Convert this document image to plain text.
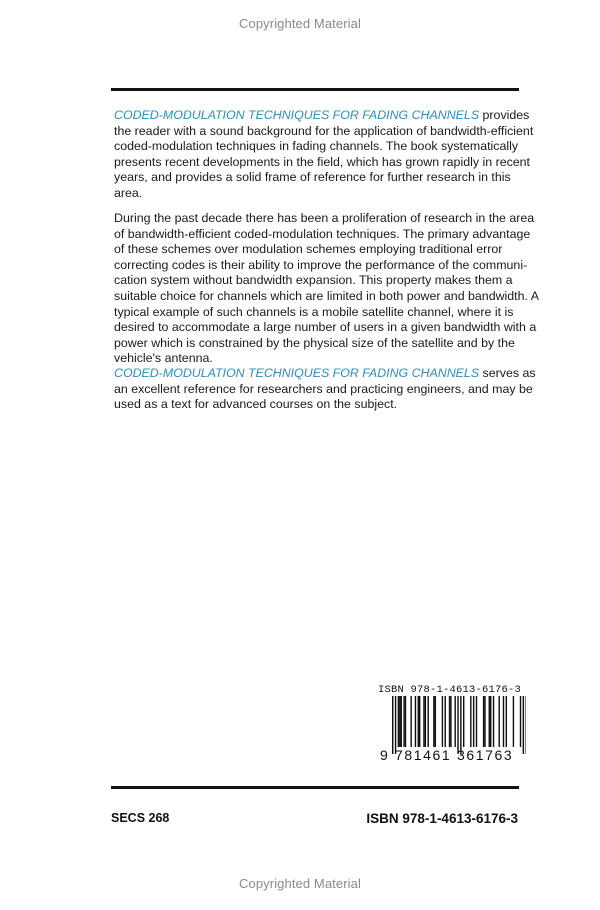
Copyrighted Material
CODED-MODULATION TECHNIQUES FOR FADING CHANNELS provides
the reader with a sound background for the application of bandwidth-efficient
coded-modulation techniques in fading channels. The book systematically
presents recent developments in the field, which has grown rapidly in recent
years, and provides a solid frame of reference for further research in this
area.
During the past decade there has been a proliferation of research in the area
of bandwidth-efficient coded-modulation techniques. The primary advantage
of these schemes over modulation schemes employing traditional error
correcting codes is their ability to improve the performance of the communi-
cation system without bandwidth expansion. This property makes them a
suitable choice for channels which are limited in both power and bandwidth. A
typical example of such channels is a mobile satellite channel, where it is
desired to accommodate a large number of users in a given bandwidth with a
power which is constrained by the physical size of the satellite and by the
vehicle's antenna.
CODED-MODULATION TECHNIQUES FOR FADING CHANNELS serves as
an excellent reference for researchers and practicing engineers, and may be
used as a text for advanced courses on the subject.
ISBN 978-1-4613-6176-3
9 781461 361763
SECS 268	ISBN 978-1-4613-6176-3
Copyrighted Material
